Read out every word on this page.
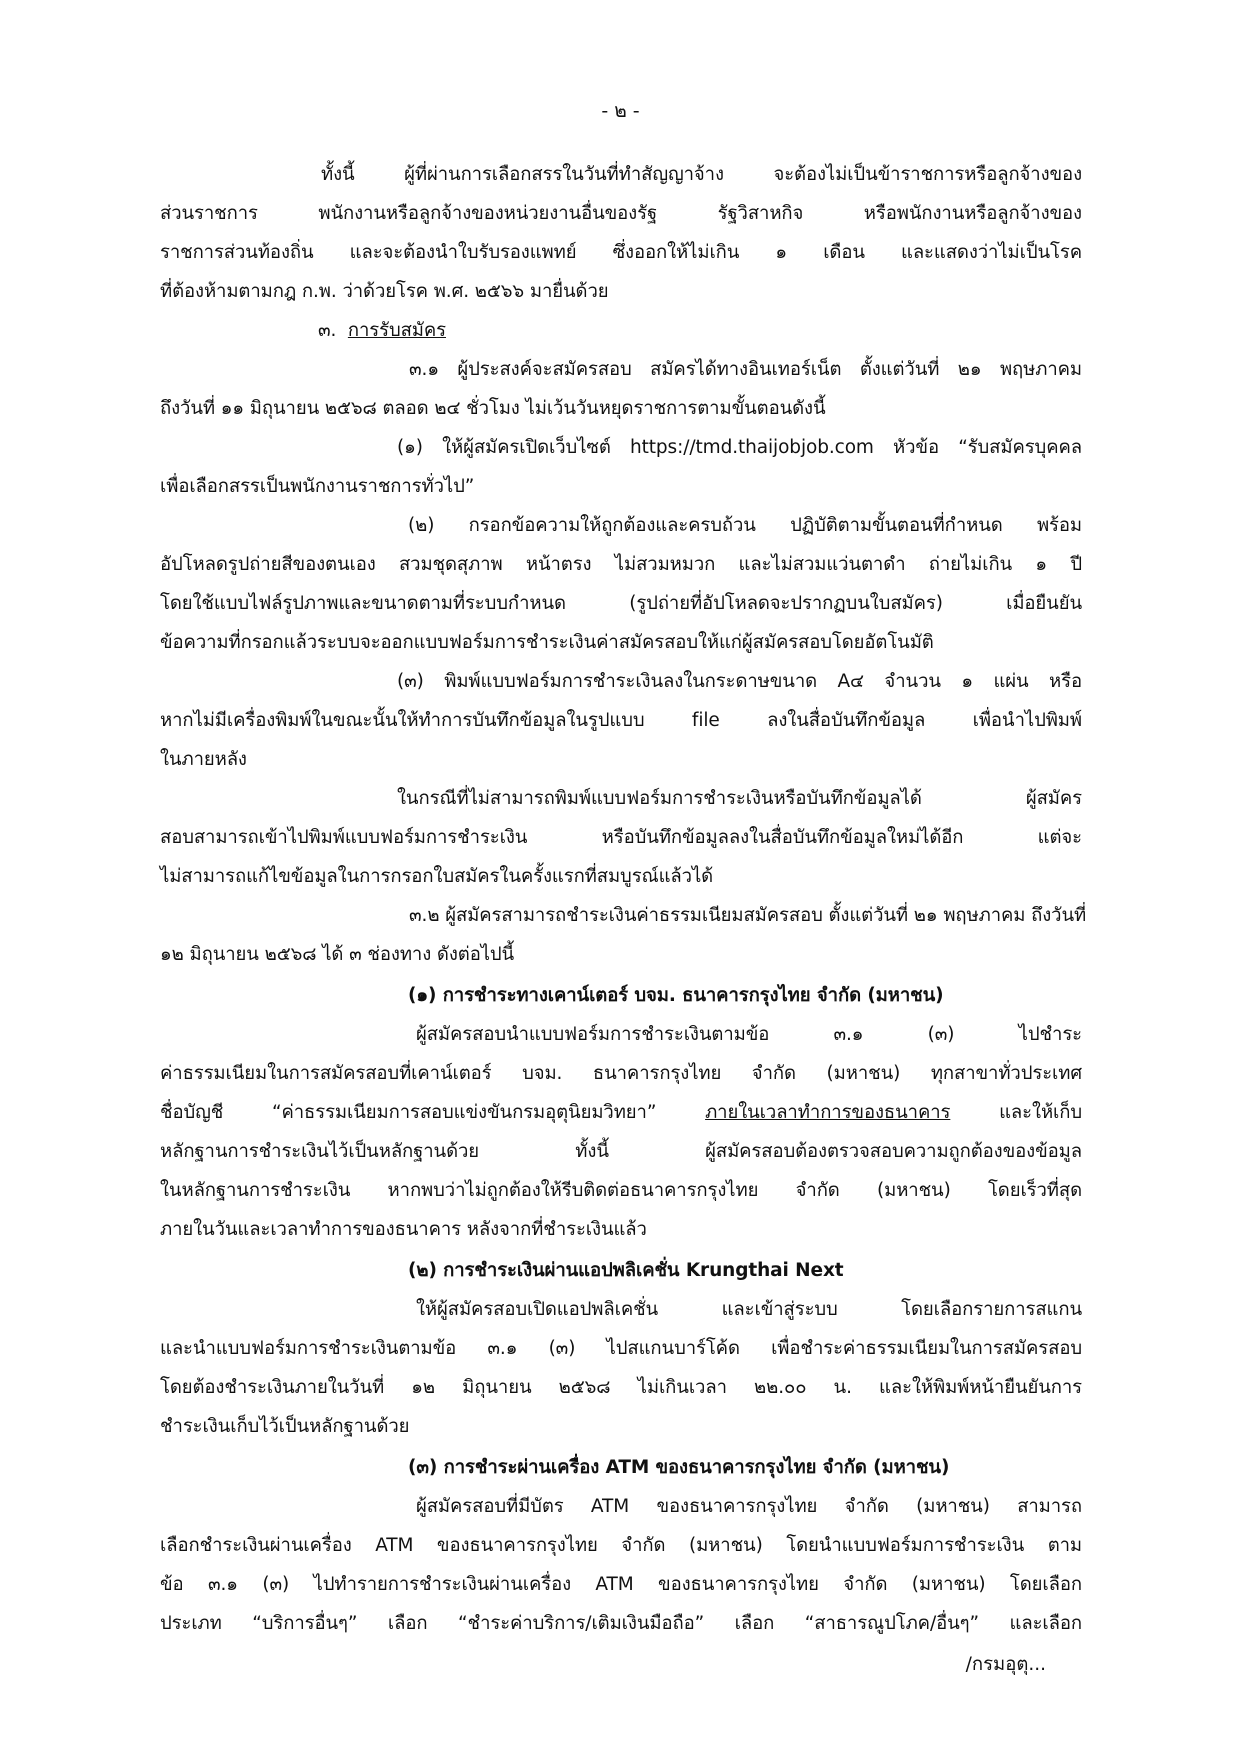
- ๒ -
ทั้งนี้ ผู้ที่ผ่านการเลือกสรรในวันที่ทำสัญญาจ้าง จะต้องไม่เป็นข้าราชการหรือลูกจ้างของ
ส่วนราชการ พนักงานหรือลูกจ้างของหน่วยงานอื่นของรัฐ รัฐวิสาหกิจ หรือพนักงานหรือลูกจ้างของ
ราชการส่วนท้องถิ่น และจะต้องนำใบรับรองแพทย์ ซึ่งออกให้ไม่เกิน ๑ เดือน และแสดงว่าไม่เป็นโรค
ที่ต้องห้ามตามกฎ ก.พ. ว่าด้วยโรค พ.ศ. ๒๕๖๖ มายื่นด้วย
๓. การรับสมัคร
๓.๑ ผู้ประสงค์จะสมัครสอบ สมัครได้ทางอินเทอร์เน็ต ตั้งแต่วันที่ ๒๑ พฤษภาคม
ถึงวันที่ ๑๑ มิถุนายน ๒๕๖๘ ตลอด ๒๔ ชั่วโมง ไม่เว้นวันหยุดราชการตามขั้นตอนดังนี้
(๑) ให้ผู้สมัครเปิดเว็บไซต์ https://tmd.thaijobjob.com หัวข้อ “รับสมัครบุคคล
เพื่อเลือกสรรเป็นพนักงานราชการทั่วไป”
(๒) กรอกข้อความให้ถูกต้องและครบถ้วน ปฏิบัติตามขั้นตอนที่กำหนด พร้อม
อัปโหลดรูปถ่ายสีของตนเอง สวมชุดสุภาพ หน้าตรง ไม่สวมหมวก และไม่สวมแว่นตาดำ ถ่ายไม่เกิน ๑ ปี
โดยใช้แบบไฟล์รูปภาพและขนาดตามที่ระบบกำหนด (รูปถ่ายที่อัปโหลดจะปรากฏบนใบสมัคร) เมื่อยืนยัน
ข้อความที่กรอกแล้วระบบจะออกแบบฟอร์มการชำระเงินค่าสมัครสอบให้แก่ผู้สมัครสอบโดยอัตโนมัติ
(๓) พิมพ์แบบฟอร์มการชำระเงินลงในกระดาษขนาด A๔ จำนวน ๑ แผ่น หรือ
หากไม่มีเครื่องพิมพ์ในขณะนั้นให้ทำการบันทึกข้อมูลในรูปแบบ file ลงในสื่อบันทึกข้อมูล เพื่อนำไปพิมพ์
ในภายหลัง
ในกรณีที่ไม่สามารถพิมพ์แบบฟอร์มการชำระเงินหรือบันทึกข้อมูลได้ ผู้สมัคร
สอบสามารถเข้าไปพิมพ์แบบฟอร์มการชำระเงิน หรือบันทึกข้อมูลลงในสื่อบันทึกข้อมูลใหม่ได้อีก แต่จะ
ไม่สามารถแก้ไขข้อมูลในการกรอกใบสมัครในครั้งแรกที่สมบูรณ์แล้วได้
๓.๒ ผู้สมัครสามารถชำระเงินค่าธรรมเนียมสมัครสอบ ตั้งแต่วันที่ ๒๑ พฤษภาคม ถึงวันที่
๑๒ มิถุนายน ๒๕๖๘ ได้ ๓ ช่องทาง ดังต่อไปนี้
(๑) การชำระทางเคาน์เตอร์ บจม. ธนาคารกรุงไทย จำกัด (มหาชน)
ผู้สมัครสอบนำแบบฟอร์มการชำระเงินตามข้อ ๓.๑ (๓) ไปชำระ
ค่าธรรมเนียมในการสมัครสอบที่เคาน์เตอร์ บจม. ธนาคารกรุงไทย จำกัด (มหาชน) ทุกสาขาทั่วประเทศ
ชื่อบัญชี “ค่าธรรมเนียมการสอบแข่งขันกรมอุตุนิยมวิทยา”	ภายในเวลาทำการของธนาคาร	และให้เก็บ
หลักฐานการชำระเงินไว้เป็นหลักฐานด้วย ทั้งนี้ ผู้สมัครสอบต้องตรวจสอบความถูกต้องของข้อมูล
ในหลักฐานการชำระเงิน หากพบว่าไม่ถูกต้องให้รีบติดต่อธนาคารกรุงไทย จำกัด (มหาชน) โดยเร็วที่สุด
ภายในวันและเวลาทำการของธนาคาร หลังจากที่ชำระเงินแล้ว
(๒) การชำระเงินผ่านแอปพลิเคชั่น Krungthai Next
ให้ผู้สมัครสอบเปิดแอปพลิเคชั่น และเข้าสู่ระบบ โดยเลือกรายการสแกน
และนำแบบฟอร์มการชำระเงินตามข้อ ๓.๑ (๓) ไปสแกนบาร์โค้ด เพื่อชำระค่าธรรมเนียมในการสมัครสอบ
โดยต้องชำระเงินภายในวันที่ ๑๒ มิถุนายน ๒๕๖๘ ไม่เกินเวลา ๒๒.๐๐ น. และให้พิมพ์หน้ายืนยันการ
ชำระเงินเก็บไว้เป็นหลักฐานด้วย
(๓) การชำระผ่านเครื่อง ATM ของธนาคารกรุงไทย จำกัด (มหาชน)
ผู้สมัครสอบที่มีบัตร ATM ของธนาคารกรุงไทย จำกัด (มหาชน) สามารถ
เลือกชำระเงินผ่านเครื่อง ATM ของธนาคารกรุงไทย จำกัด (มหาชน) โดยนำแบบฟอร์มการชำระเงิน ตาม
ข้อ ๓.๑ (๓) ไปทำรายการชำระเงินผ่านเครื่อง ATM ของธนาคารกรุงไทย จำกัด (มหาชน) โดยเลือก
ประเภท “บริการอื่นๆ” เลือก “ชำระค่าบริการ/เติมเงินมือถือ” เลือก “สาธารณูปโภค/อื่นๆ” และเลือก
/กรมอุตุ...
